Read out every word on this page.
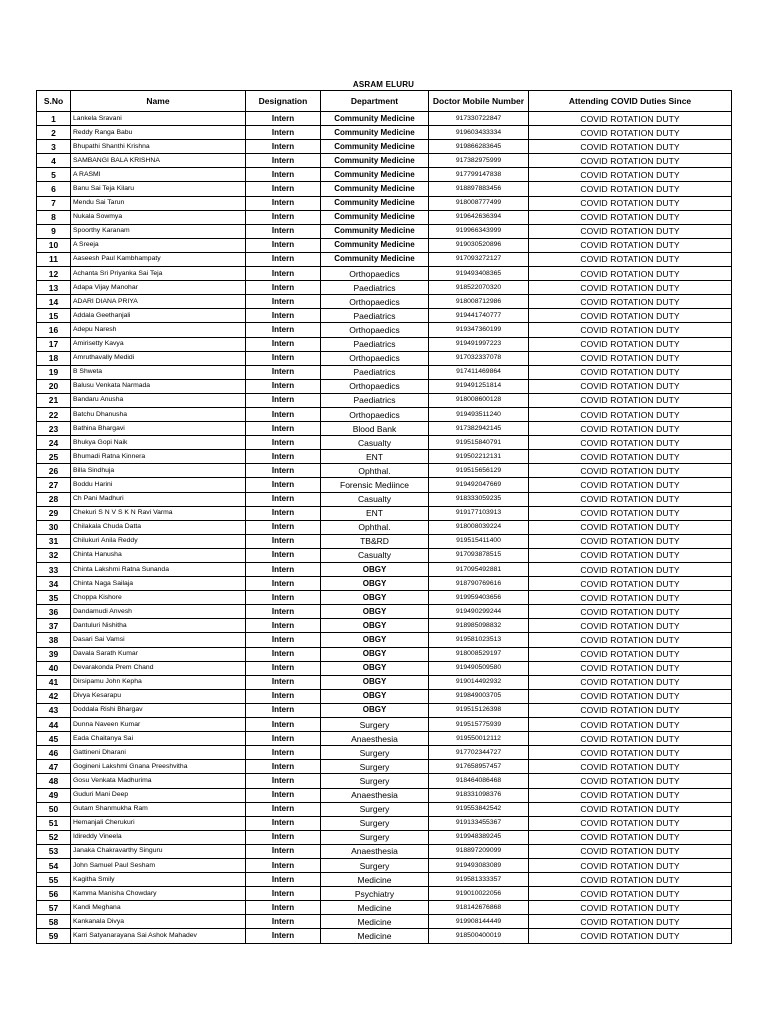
ASRAM ELURU
S.No	Name	Designation	Department	Doctor Mobile Number	Attending COVID Duties Since
1	Lankela Sravani	Intern	Community Medicine	917330722847	COVID ROTATION DUTY
2	Reddy Ranga Babu	Intern	Community Medicine	919603433334	COVID ROTATION DUTY
3	Bhupathi Shanthi Krishna	Intern	Community Medicine	919866283645	COVID ROTATION DUTY
4	SAMBANGI BALA KRISHNA	Intern	Community Medicine	917382975999	COVID ROTATION DUTY
5	A RASMI	Intern	Community Medicine	917799147838	COVID ROTATION DUTY
6	Banu Sai Teja Kilaru	Intern	Community Medicine	918897883456	COVID ROTATION DUTY
7	Mendu Sai Tarun	Intern	Community Medicine	918008777499	COVID ROTATION DUTY
8	Nukala Sowmya	Intern	Community Medicine	919642636394	COVID ROTATION DUTY
9	Spoorthy Karanam	Intern	Community Medicine	919966343999	COVID ROTATION DUTY
10	A Sreeja	Intern	Community Medicine	919030520896	COVID ROTATION DUTY
11	Aaseesh Paul Kambhampaty	Intern	Community Medicine	917093272127	COVID ROTATION DUTY
12	Achanta Sri Priyanka Sai Teja	Intern	Orthopaedics	919493408365	COVID ROTATION DUTY
13	Adapa Vijay Manohar	Intern	Paediatrics	918522070320	COVID ROTATION DUTY
14	ADARI DIANA PRIYA	Intern	Orthopaedics	918008712986	COVID ROTATION DUTY
15	Addala Geethanjali	Intern	Paediatrics	919441740777	COVID ROTATION DUTY
16	Adepu Naresh	Intern	Orthopaedics	919347360199	COVID ROTATION DUTY
17	Amirisetty Kavya	Intern	Paediatrics	919491997223	COVID ROTATION DUTY
18	Amruthavally Medidi	Intern	Orthopaedics	917032337078	COVID ROTATION DUTY
19	B Shweta	Intern	Paediatrics	917411469864	COVID ROTATION DUTY
20	Balusu Venkata Narmada	Intern	Orthopaedics	919491251814	COVID ROTATION DUTY
21	Bandaru Anusha	Intern	Paediatrics	918008600128	COVID ROTATION DUTY
22	Batchu Dhanusha	Intern	Orthopaedics	919493511240	COVID ROTATION DUTY
23	Bathina Bhargavi	Intern	Blood Bank	917382942145	COVID ROTATION DUTY
24	Bhukya Gopi Naik	Intern	Casualty	919515840791	COVID ROTATION DUTY
25	Bhumadi Ratna Kinnera	Intern	ENT	919502212131	COVID ROTATION DUTY
26	Billa Sindhuja	Intern	Ophthal.	919515656129	COVID ROTATION DUTY
27	Boddu Harini	Intern	Forensic Mediince	919492047669	COVID ROTATION DUTY
28	Ch Pani Madhuri	Intern	Casualty	918333059235	COVID ROTATION DUTY
29	Chekuri S N V S K N Ravi Varma	Intern	ENT	919177103913	COVID ROTATION DUTY
30	Chilakala Chuda Datta	Intern	Ophthal.	918008039224	COVID ROTATION DUTY
31	Chilukuri Anila Reddy	Intern	TB&RD	919515411400	COVID ROTATION DUTY
32	Chinta Hanusha	Intern	Casualty	917093878515	COVID ROTATION DUTY
33	Chinta Lakshmi Ratna Sunanda	Intern	OBGY	917095492881	COVID ROTATION DUTY
34	Chinta Naga Sailaja	Intern	OBGY	918790769616	COVID ROTATION DUTY
35	Choppa Kishore	Intern	OBGY	919959403656	COVID ROTATION DUTY
36	Dandamudi Anvesh	Intern	OBGY	919490299244	COVID ROTATION DUTY
37	Dantuluri Nishitha	Intern	OBGY	918985098832	COVID ROTATION DUTY
38	Dasari Sai Vamsi	Intern	OBGY	919581023513	COVID ROTATION DUTY
39	Davala Sarath Kumar	Intern	OBGY	918008529197	COVID ROTATION DUTY
40	Devarakonda Prem Chand	Intern	OBGY	919490509580	COVID ROTATION DUTY
41	Dirsipamu John Kepha	Intern	OBGY	919014492932	COVID ROTATION DUTY
42	Divya Kesarapu	Intern	OBGY	919849003705	COVID ROTATION DUTY
43	Doddala Rishi Bhargav	Intern	OBGY	919515126398	COVID ROTATION DUTY
44	Dunna Naveen Kumar	Intern	Surgery	919515775939	COVID ROTATION DUTY
45	Eada Chaitanya Sai	Intern	Anaesthesia	919550012112	COVID ROTATION DUTY
46	Gattineni Dharani	Intern	Surgery	917702344727	COVID ROTATION DUTY
47	Gogineni Lakshmi Gnana Preeshvitha	Intern	Surgery	917658957457	COVID ROTATION DUTY
48	Gosu Venkata Madhurima	Intern	Surgery	918464086468	COVID ROTATION DUTY
49	Guduri Mani Deep	Intern	Anaesthesia	918331098376	COVID ROTATION DUTY
50	Gutam Shanmukha Ram	Intern	Surgery	919553842542	COVID ROTATION DUTY
51	Hemanjali Cherukuri	Intern	Surgery	919133455367	COVID ROTATION DUTY
52	Idireddy Vineela	Intern	Surgery	919948389245	COVID ROTATION DUTY
53	Janaka Chakravarthy Singuru	Intern	Anaesthesia	918897209099	COVID ROTATION DUTY
54	John Samuel Paul Sesham	Intern	Surgery	919493083089	COVID ROTATION DUTY
55	Kagitha Smily	Intern	Medicine	919581333357	COVID ROTATION DUTY
56	Kamma Manisha Chowdary	Intern	Psychiatry	919010022056	COVID ROTATION DUTY
57	Kandi Meghana	Intern	Medicine	918142676868	COVID ROTATION DUTY
58	Kankanala Divya	Intern	Medicine	919908144449	COVID ROTATION DUTY
59	Karri Satyanarayana Sai Ashok Mahadev	Intern	Medicine	918500400019	COVID ROTATION DUTY
